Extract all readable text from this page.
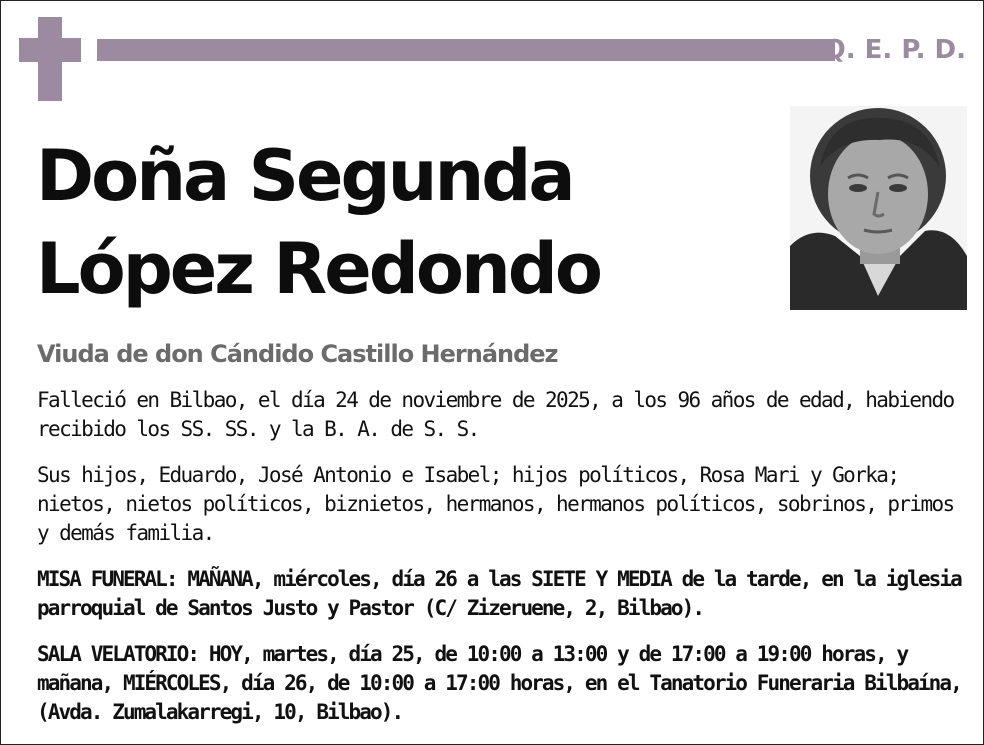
Q. E. P. D.
Doña Segunda
López Redondo
Viuda de don Cándido Castillo Hernández
Falleció en Bilbao, el día 24 de noviembre de 2025, a los 96 años de edad, habiendo recibido los SS. SS. y la B. A. de S. S.
Sus hijos, Eduardo, José Antonio e Isabel; hijos políticos, Rosa Mari y Gorka; nietos, nietos políticos, biznietos, hermanos, hermanos políticos, sobrinos, primos y demás familia.
MISA FUNERAL: MAÑANA, miércoles, día 26 a las SIETE Y MEDIA de la tarde, en la iglesia parroquial de Santos Justo y Pastor (C/ Zizeruene, 2, Bilbao).
SALA VELATORIO: HOY, martes, día 25, de 10:00 a 13:00 y de 17:00 a 19:00 horas, y mañana, MIÉRCOLES, día 26, de 10:00 a 17:00 horas, en el Tanatorio Funeraria Bilbaína, (Avda. Zumalakarregi, 10, Bilbao).
